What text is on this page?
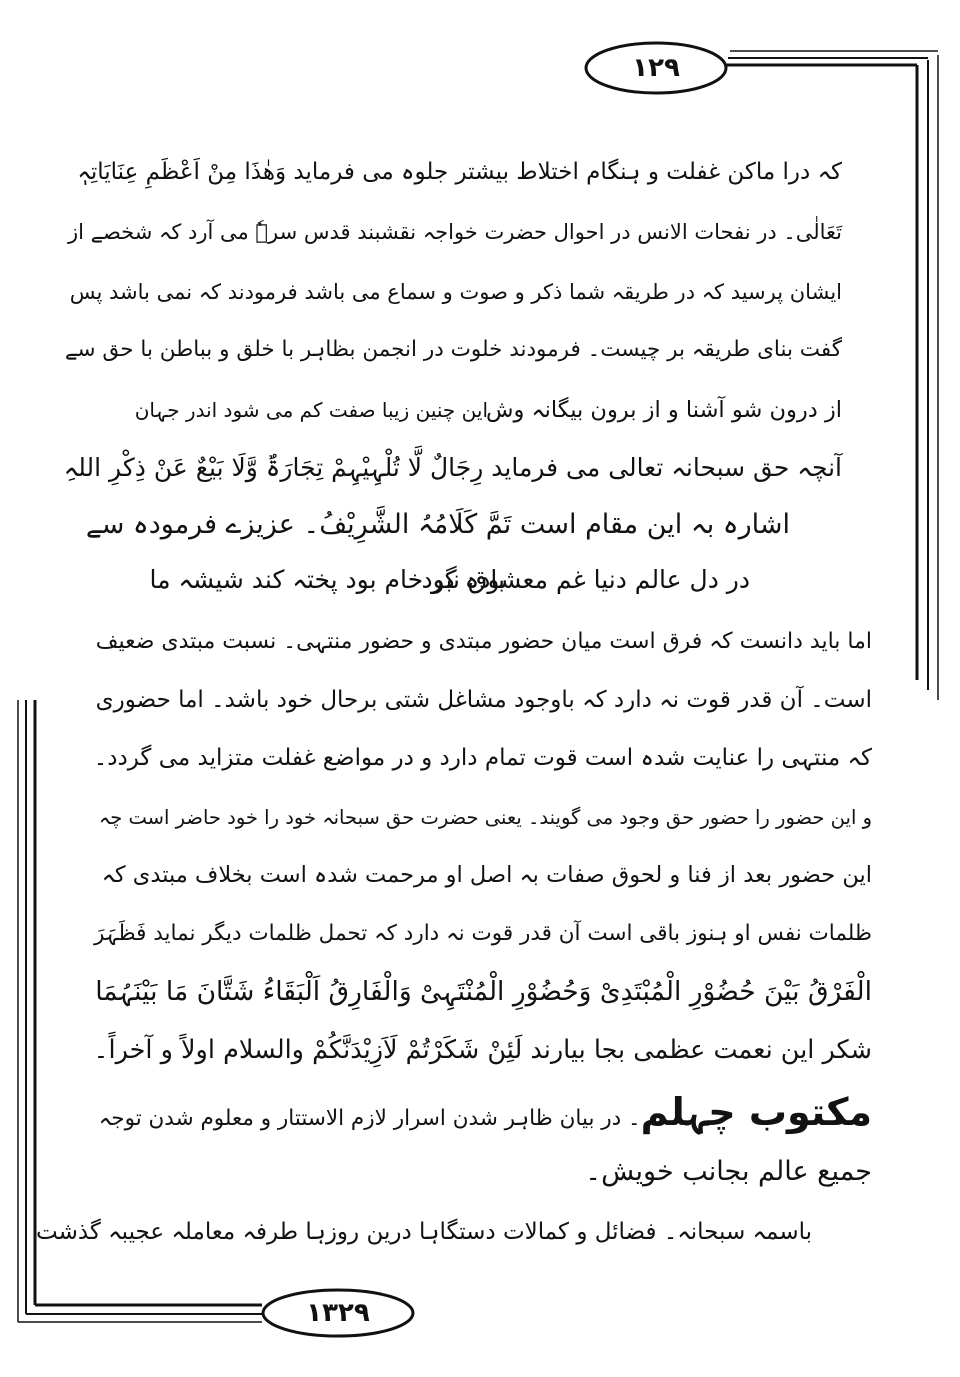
١٢٩
١٣٢٩
کہ درا ماکن غفلت و ہنگام اختلاط بیشتر جلوہ می فرماید وَھٰذَا مِنْ اَعْظَمِ عِنَایَاتِہٖ
تَعَالٰی۔ در نفحات الانس در احوال حضرت خواجہ نقشبند قدس سرہٗ می آرد کہ شخصے از
ایشان پرسید کہ در طریقہ شما ذکر و صوت و سماع می باشد فرمودند کہ نمی باشد پس
گفت بنای طریقہ بر چیست۔ فرمودند خلوت در انجمن بظاہر با خلق و بباطن با حق سے
از درون شو آشنا و از برون بیگانہ وش
این چنین زیبا صفت کم می شود اندر جہان
آنچہ حق سبحانہ تعالی می فرماید رِجَالٌ لَّا تُلْہِیْہِمْ تِجَارَۃٌ وَّلَا بَیْعٌ عَنْ ذِکْرِ اللہِ
اشارہ بہ این مقام است تَمَّ کَلَامُہُ الشَّرِیْفُ۔ عزیزے فرمودہ سے
در دل عالم دنیا غم معشوق نبود
بادہ گر خام بود پختہ کند شیشہ ما
اما باید دانست کہ فرق است میان حضور مبتدی و حضور منتہی۔ نسبت مبتدی ضعیف
است۔ آن قدر قوت نہ دارد کہ باوجود مشاغل شتی برحال خود باشد۔ اما حضوری
کہ منتہی را عنایت شدہ است قوت تمام دارد و در مواضع غفلت متزاید می گردد۔
و این حضور را حضور حق وجود می گویند۔ یعنی حضرت حق سبحانہ خود را خود حاضر است چہ
این حضور بعد از فنا و لحوق صفات بہ اصل او مرحمت شدہ است بخلاف مبتدی کہ
ظلمات نفس او ہنوز باقی است آن قدر قوت نہ دارد کہ تحمل ظلمات دیگر نماید فَظَہَرَ
الْفَرْقُ بَیْنَ حُضُوْرِ الْمُبْتَدِیْ وَحُضُوْرِ الْمُنْتَہِیْ وَالْفَارِقُ اَلْبَقَاءُ شَتَّانَ مَا بَیْنَہُمَا
شکر این نعمت عظمی بجا بیارند لَئِنْ شَکَرْتُمْ لَاَزِیْدَنَّکُمْ والسلام اولاً و آخراً۔
مکتوب چہلم۔ در بیان ظاہر شدن اسرار لازم الاستتار و معلوم شدن توجہ
جمیع عالم بجانب خویش۔
باسمہ سبحانہ۔ فضائل و کمالات دستگاہا درین روزہا طرفہ معاملہ عجیبہ گذشت
